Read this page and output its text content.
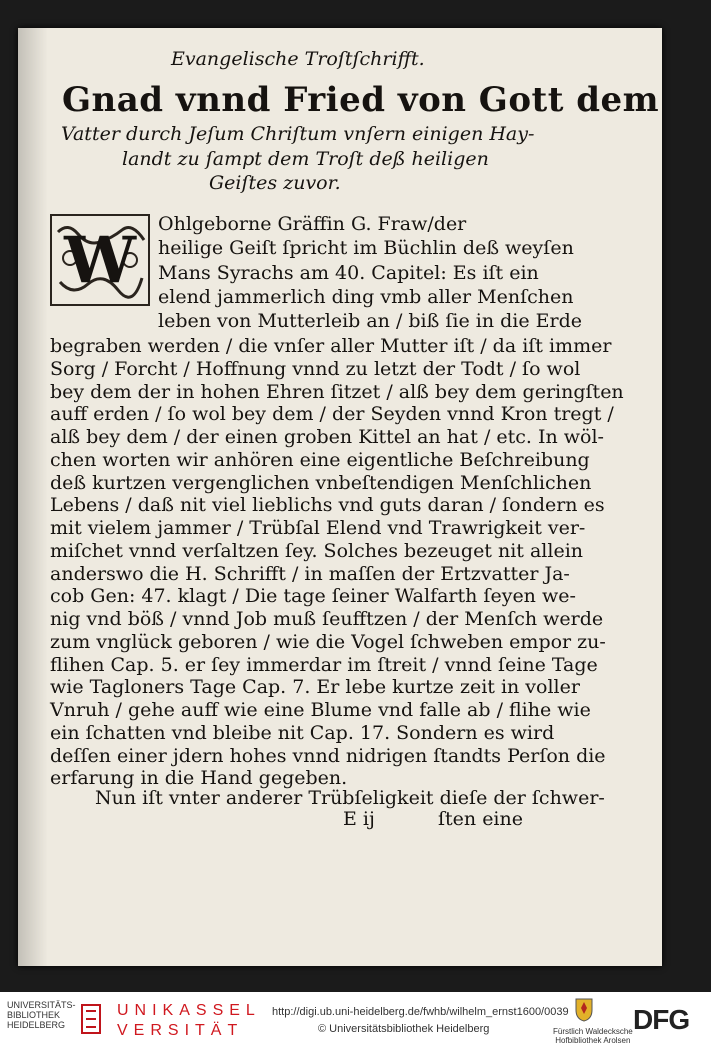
Evangelische Troſtſchrifft.
Gnad vnnd Fried von Gott dem
Vatter durch Jeſum Chriſtum vnſern einigen Hay-
landt zu ſampt dem Troſt deß heiligen
Geiſtes zuvor.
W Ohlgeborne Gräffin G. Fraw/der
heilige Geiſt ſpricht im Büchlin deß weyſen
Mans Syrachs am 40. Capitel: Es iſt ein
elend jammerlich ding vmb aller Menſchen
leben von Mutterleib an / biß ſie in die Erde
begraben werden / die vnſer aller Mutter iſt / da iſt immer
Sorg / Forcht / Hoffnung vnnd zu letzt der Todt / ſo wol
bey dem der in hohen Ehren ſitzet / alß bey dem geringſten
auff erden / ſo wol bey dem / der Seyden vnnd Kron tregt /
alß bey dem / der einen groben Kittel an hat / etc. In wöl-
chen worten wir anhören eine eigentliche Beſchreibung
deß kurtzen vergenglichen vnbeſtendigen Menſchlichen
Lebens / daß nit viel lieblichs vnd guts daran / ſondern es
mit vielem jammer / Trübſal Elend vnd Trawrigkeit ver-
miſchet vnnd verſaltzen ſey. Solches bezeuget nit allein
anderswo die H. Schrifft / in maſſen der Ertzvatter Ja-
cob Gen: 47. klagt / Die tage ſeiner Walfarth ſeyen we-
nig vnd böß / vnnd Job muß ſeufftzen / der Menſch werde
zum vnglück geboren / wie die Vogel ſchweben empor zu-
flihen Cap. 5. er ſey immerdar im ſtreit / vnnd ſeine Tage
wie Tagloners Tage Cap. 7. Er lebe kurtze zeit in voller
Vnruh / gehe auff wie eine Blume vnd falle ab / flihe wie
ein ſchatten vnd bleibe nit Cap. 17. Sondern es wird
deſſen einer jdern hohes vnnd nidrigen ſtandts Perſon die
erfarung in die Hand gegeben.
Nun iſt vnter anderer Trübſeligkeit dieſe der ſchwer-
E ij	ſten eine
UNIVERSITÄTS-
BIBLIOTHEK
HEIDELBERG
UNIKASSEL
VERSITÄT
http://digi.ub.uni-heidelberg.de/fwhb/wilhelm_ernst1600/0039
© Universitätsbibliothek Heidelberg	Fürstlich Waldecksche
Hofbibliothek Arolsen
DFG
